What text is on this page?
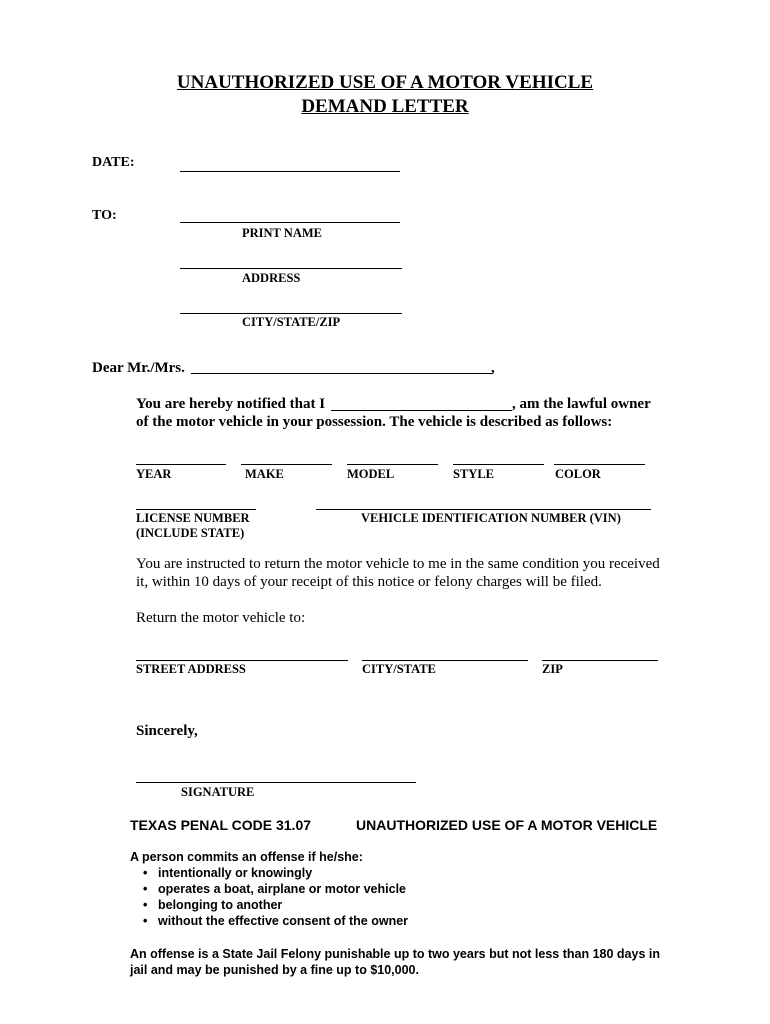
UNAUTHORIZED USE OF A MOTOR VEHICLE
DEMAND LETTER
DATE:
TO:
PRINT NAME
ADDRESS
CITY/STATE/ZIP
Dear Mr./Mrs.	,
You are hereby notified that I	, am the lawful owner
of the motor vehicle in your possession. The vehicle is described as follows:
YEAR	MAKE	MODEL	STYLE	COLOR
LICENSE NUMBER
(INCLUDE STATE)
VEHICLE IDENTIFICATION NUMBER (VIN)
You are instructed to return the motor vehicle to me in the same condition you received
it, within 10 days of your receipt of this notice or felony charges will be filed.
Return the motor vehicle to:
STREET ADDRESS	CITY/STATE	ZIP
Sincerely,
SIGNATURE
TEXAS PENAL CODE 31.07	UNAUTHORIZED USE OF A MOTOR VEHICLE
A person commits an offense if he/she:
• intentionally or knowingly
• operates a boat, airplane or motor vehicle
• belonging to another
• without the effective consent of the owner
An offense is a State Jail Felony punishable up to two years but not less than 180 days in
jail and may be punished by a fine up to $10,000.
